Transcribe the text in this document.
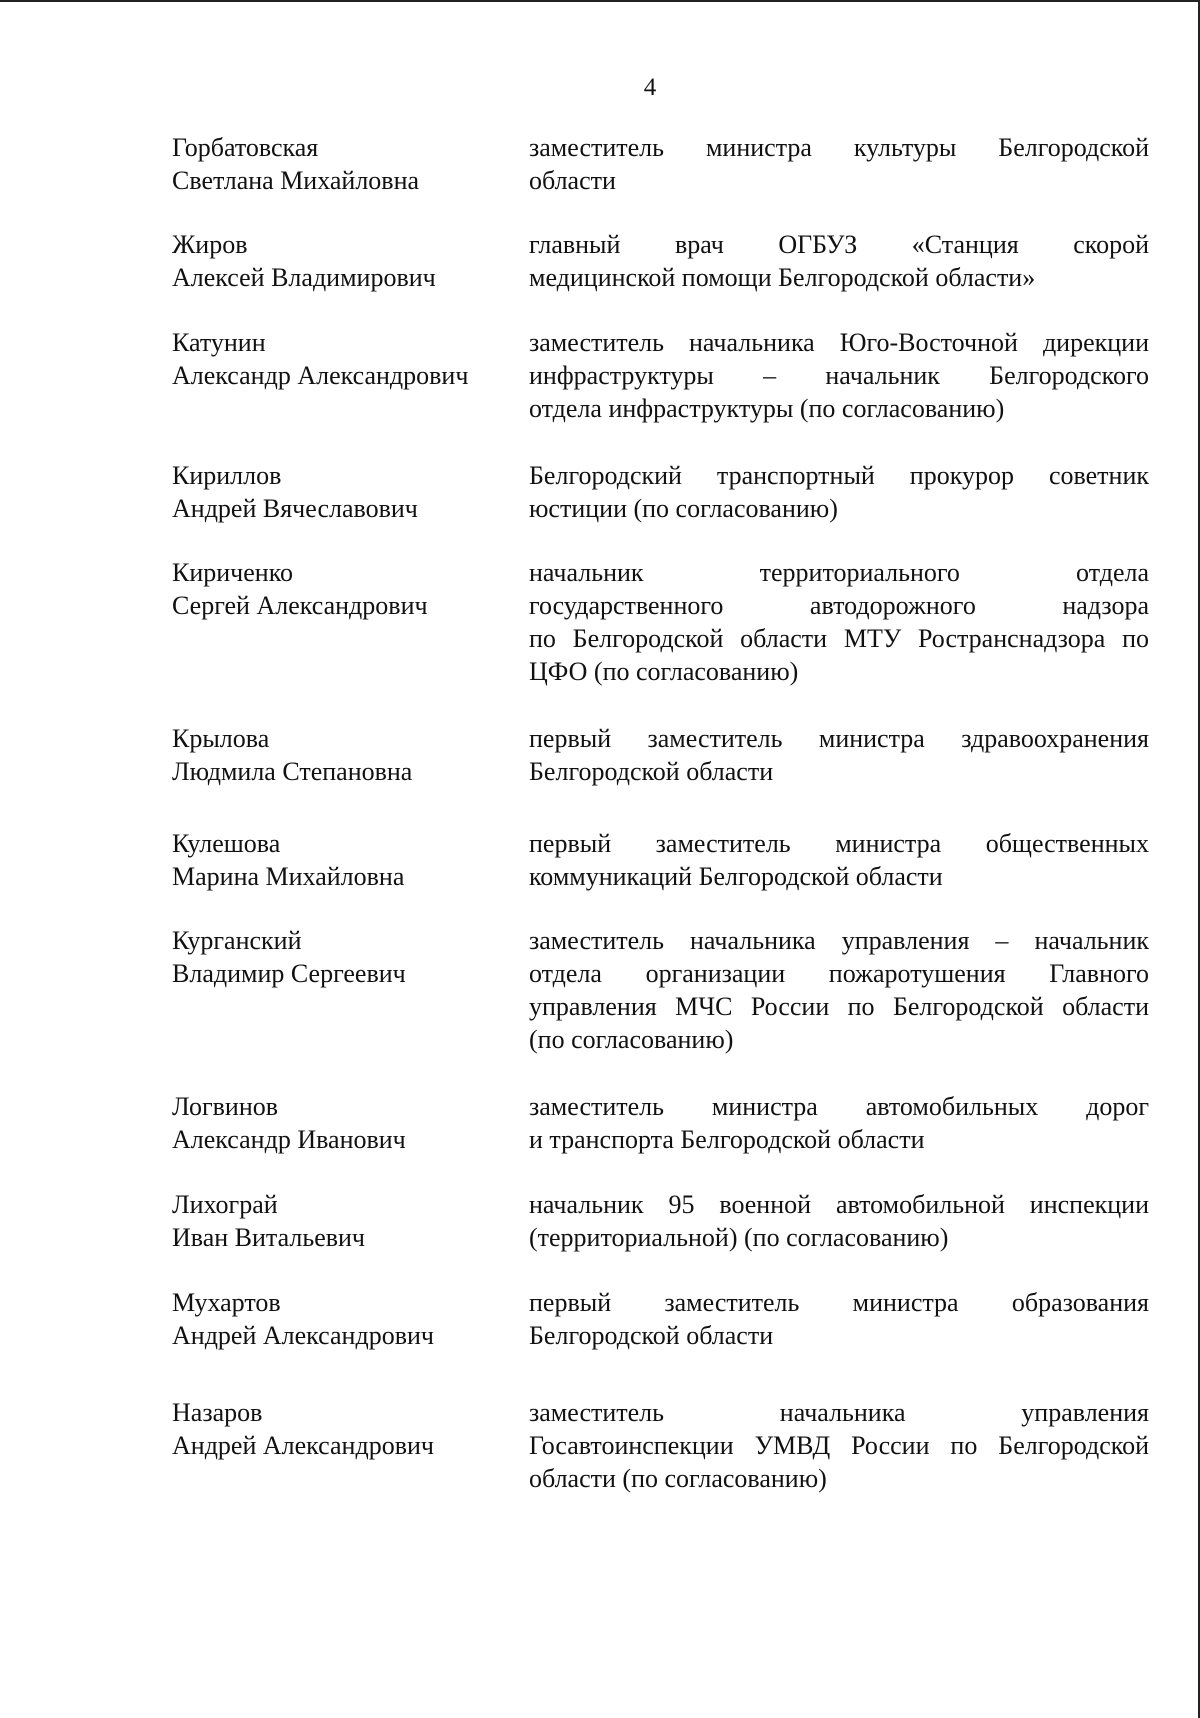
4
Горбатовская
Светлана Михайловна
заместитель министра культуры Белгородской
области
Жиров
Алексей Владимирович
главный врач ОГБУЗ «Станция скорой
медицинской помощи Белгородской области»
Катунин
Александр Александрович
заместитель начальника Юго-Восточной дирекции
инфраструктуры – начальник Белгородского
отдела инфраструктуры (по согласованию)
Кириллов
Андрей Вячеславович
Белгородский транспортный прокурор советник
юстиции (по согласованию)
Кириченко
Сергей Александрович
начальник территориального отдела
государственного автодорожного надзора
по Белгородской области МТУ Ространснадзора по
ЦФО (по согласованию)
Крылова
Людмила Степановна
первый заместитель министра здравоохранения
Белгородской области
Кулешова
Марина Михайловна
первый заместитель министра общественных
коммуникаций Белгородской области
Курганский
Владимир Сергеевич
заместитель начальника управления – начальник
отдела организации пожаротушения Главного
управления МЧС России по Белгородской области
(по согласованию)
Логвинов
Александр Иванович
заместитель министра автомобильных дорог
и транспорта Белгородской области
Лихограй
Иван Витальевич
начальник 95 военной автомобильной инспекции
(территориальной) (по согласованию)
Мухартов
Андрей Александрович
первый заместитель министра образования
Белгородской области
Назаров
Андрей Александрович
заместитель начальника управления
Госавтоинспекции УМВД России по Белгородской
области (по согласованию)
